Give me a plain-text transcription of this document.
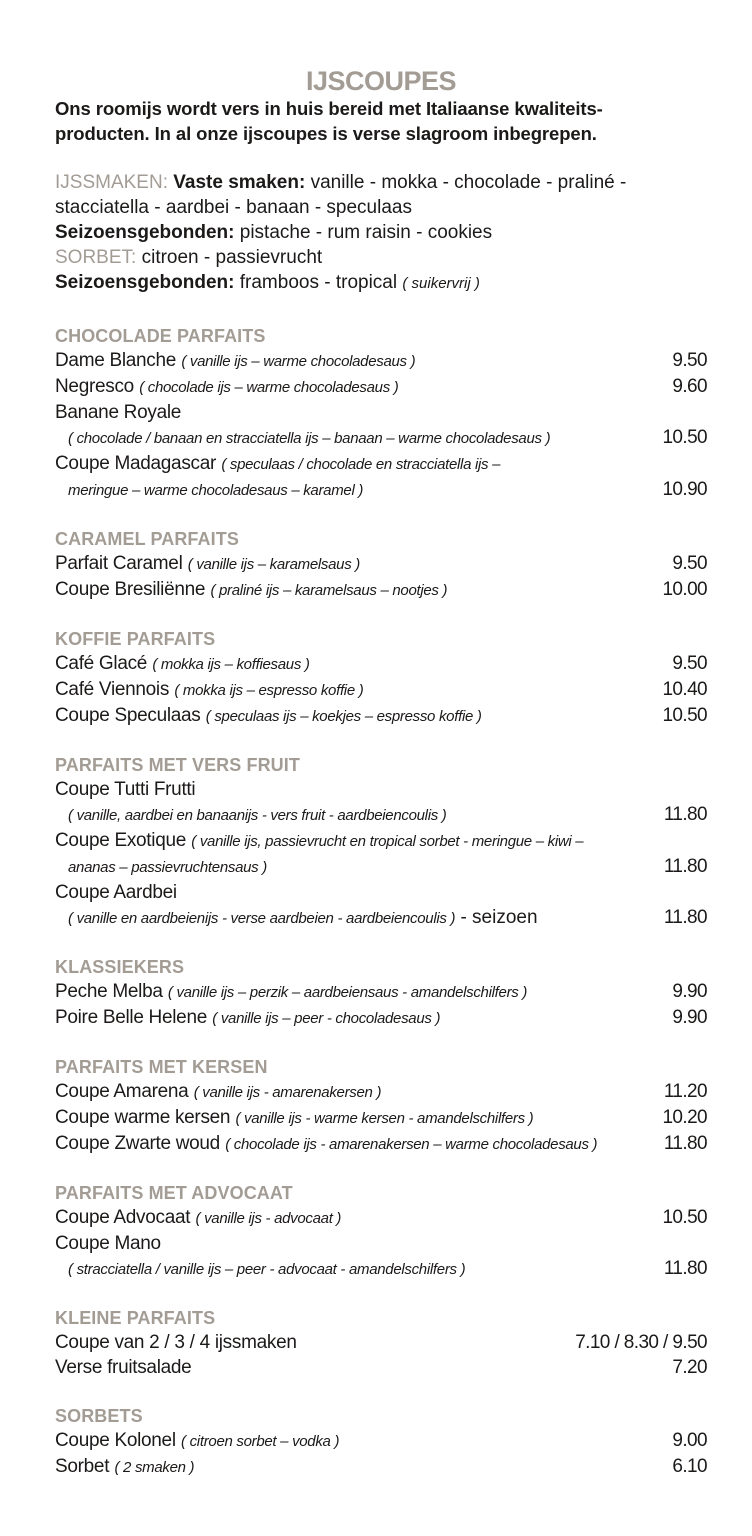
IJSCOUPES

Ons roomijs wordt vers in huis bereid met Italiaanse kwaliteits-
producten. In al onze ijscoupes is verse slagroom inbegrepen.

IJSSMAKEN: Vaste smaken: vanille - mokka - chocolade - praliné -
stacciatella - aardbei - banaan - speculaas
Seizoensgebonden: pistache - rum raisin - cookies
SORBET: citroen - passievrucht
Seizoensgebonden: framboos - tropical ( suikervrij )
CHOCOLADE PARFAITS
Dame Blanche ( vanille ijs – warme chocoladesaus )	9.50
Negresco ( chocolade ijs – warme chocoladesaus )	9.60
Banane Royale
( chocolade / banaan en stracciatella ijs – banaan – warme chocoladesaus )	10.50
Coupe Madagascar ( speculaas / chocolade en stracciatella ijs –
meringue – warme chocoladesaus – karamel )	10.90
CARAMEL PARFAITS
Parfait Caramel ( vanille ijs – karamelsaus )	9.50
Coupe Bresiliënne ( praliné ijs – karamelsaus – nootjes )	10.00
KOFFIE PARFAITS
Café Glacé ( mokka ijs – koffiesaus )	9.50
Café Viennois ( mokka ijs – espresso koffie )	10.40
Coupe Speculaas ( speculaas ijs – koekjes – espresso koffie )	10.50
PARFAITS MET VERS FRUIT
Coupe Tutti Frutti
( vanille, aardbei en banaanijs - vers fruit - aardbeiencoulis )	11.80
Coupe Exotique ( vanille ijs, passievrucht en tropical sorbet - meringue – kiwi –
ananas – passievruchtensaus )	11.80
Coupe Aardbei
( vanille en aardbeienijs - verse aardbeien - aardbeiencoulis ) - seizoen	11.80
KLASSIEKERS
Peche Melba ( vanille ijs – perzik – aardbeiensaus - amandelschilfers )	9.90
Poire Belle Helene ( vanille ijs – peer - chocoladesaus )	9.90
PARFAITS MET KERSEN
Coupe Amarena ( vanille ijs - amarenakersen )	11.20
Coupe warme kersen ( vanille ijs - warme kersen - amandelschilfers )	10.20
Coupe Zwarte woud ( chocolade ijs - amarenakersen – warme chocoladesaus )	11.80
PARFAITS MET ADVOCAAT
Coupe Advocaat ( vanille ijs - advocaat )	10.50
Coupe Mano
( stracciatella / vanille ijs – peer - advocaat - amandelschilfers )	11.80
KLEINE PARFAITS
Coupe van 2 / 3 / 4 ijssmaken	7.10 / 8.30 / 9.50
Verse fruitsalade	7.20
SORBETS
Coupe Kolonel ( citroen sorbet – vodka )	9.00
Sorbet ( 2 smaken )	6.10
